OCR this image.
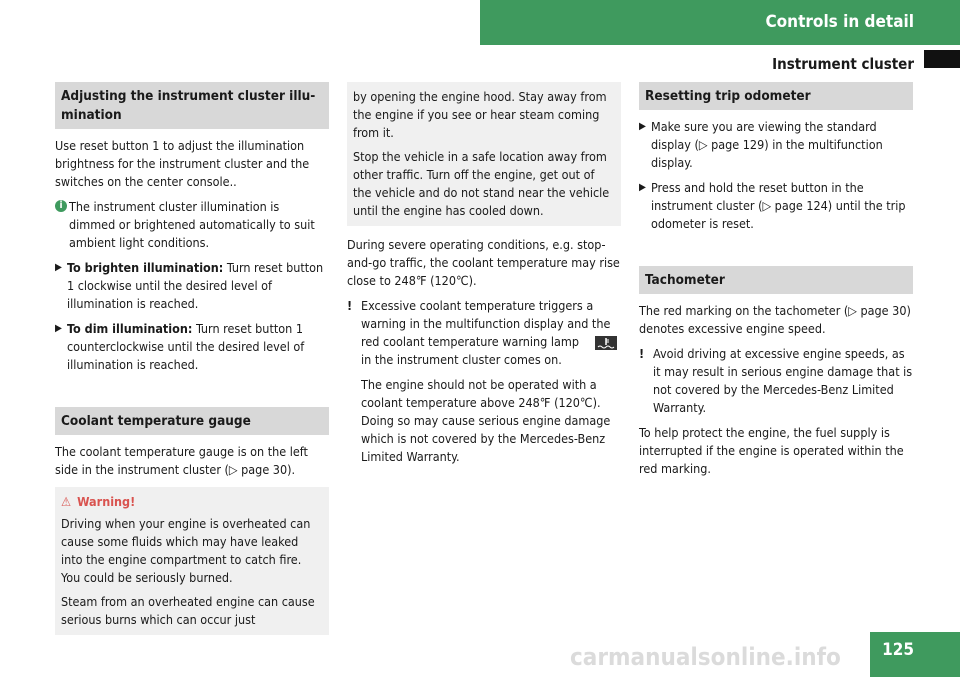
Controls in detail
Instrument cluster
Adjusting the instrument cluster illu-mination

Use reset button 1 to adjust the illumination brightness for the instrument cluster and the switches on the center console..

i The instrument cluster illumination is dimmed or brightened automatically to suit ambient light conditions.
▶ To brighten illumination: Turn reset button 1 clockwise until the desired level of illumination is reached.
▶ To dim illumination: Turn reset button 1 counterclockwise until the desired level of illumination is reached.
Coolant temperature gauge

The coolant temperature gauge is on the left side in the instrument cluster (▷ page 30).

⚠ Warning!

Driving when your engine is overheated can cause some fluids which may have leaked into the engine compartment to catch fire. You could be seriously burned.

Steam from an overheated engine can cause serious burns which can occur just

by opening the engine hood. Stay away from the engine if you see or hear steam coming from it.

Stop the vehicle in a safe location away from other traffic. Turn off the engine, get out of the vehicle and do not stand near the vehicle until the engine has cooled down.

During severe operating conditions, e.g. stop-and-go traffic, the coolant temperature may rise close to 248℉ (120℃).

! Excessive coolant temperature triggers a warning in the multifunction display and the red coolant temperature warning lamp  in the instrument cluster comes on.

The engine should not be operated with a coolant temperature above 248℉ (120℃). Doing so may cause serious engine damage which is not covered by the Mercedes-Benz Limited Warranty.

Resetting trip odometer
▶ Make sure you are viewing the standard display (▷ page 129) in the multifunction display.
▶ Press and hold the reset button in the instrument cluster (▷ page 124) until the trip odometer is reset.
Tachometer

The red marking on the tachometer (▷ page 30) denotes excessive engine speed.

! Avoid driving at excessive engine speeds, as it may result in serious engine damage that is not covered by the Mercedes-Benz Limited Warranty.

To help protect the engine, the fuel supply is interrupted if the engine is operated within the red marking.

125
carmanualsonline.info
